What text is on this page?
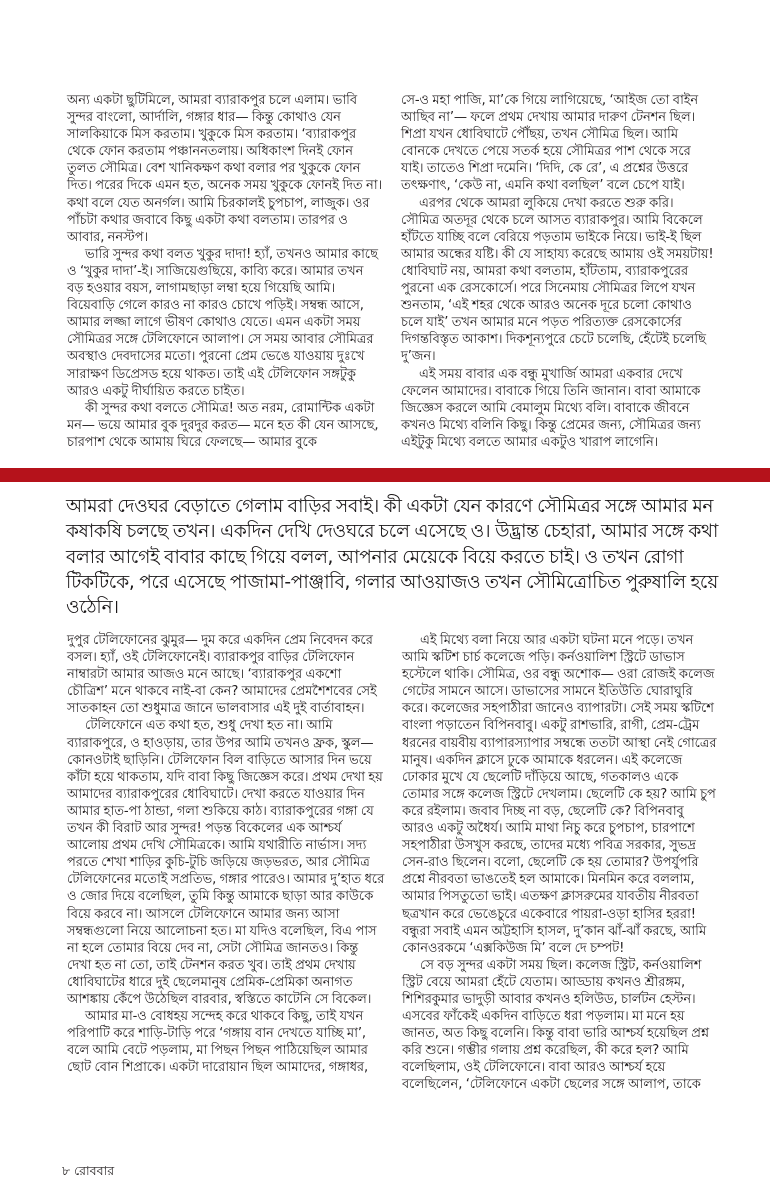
অন্য একটা ছুটিমিলে, আমরা ব্যারাকপুর চলে এলাম। ভাবি সুন্দর বাংলো, আর্দালি, গঙ্গার ধার— কিন্তু কোথাও যেন সালকিয়াকে মিস করতাম। খুকুকে মিস করতাম। ‘ব্যারাকপুর থেকে ফোন করতাম পঞ্চাননতলায়। অধিকাংশ দিনই ফোন তুলত সৌমিত্র। বেশ খানিকক্ষণ কথা বলার পর খুকুকে ফোন দিত। পরের দিকে এমন হত, অনেক সময় খুকুকে ফোনই দিত না। কথা বলে যেত অনর্গল। আমি চিরকালই চুপচাপ, লাজুক। ওর পাঁচটা কথার জবাবে কিছু একটা কথা বলতাম। তারপর ও আবার, ননস্টপ।

ভারি সুন্দর কথা বলত খুকুর দাদা! হ্যাঁ, তখনও আমার কাছে ও ‘খুকুর দাদা’-ই। সাজিয়েগুছিয়ে, কাব্যি করে। আমার তখন বড় হওয়ার বয়স, লাগামছাড়া লম্বা হয়ে গিয়েছি আমি। বিয়েবাড়ি গেলে কারও না কারও চোখে পড়িই। সম্বন্ধ আসে, আমার লজ্জা লাগে ভীষণ কোথাও যেতে। এমন একটা সময় সৌমিত্রর সঙ্গে টেলিফোনে আলাপ। সে সময় আবার সৌমিত্রর অবস্থাও দেবদাসের মতো। পুরনো প্রেম ভেঙে যাওয়ায় দুঃখে সারাক্ষণ ডিপ্রেসড হয়ে থাকত। তাই এই টেলিফোন সঙ্গটুকু আরও একটু দীর্ঘায়িত করতে চাইত।

কী সুন্দর কথা বলতে সৌমিত্র! অত নরম, রোমান্টিক একটা মন— ভয়ে আমার বুক দুরদুর করত— মনে হত কী যেন আসছে, চারপাশ থেকে আমায় ঘিরে ফেলছে— আমার বুকে

সে-ও মহা পাজি, মা’কে গিয়ে লাগিয়েছে, ‘আইজ তো বাইন আছিব না’— ফলে প্রথম দেখায় আমার দারুণ টেনশন ছিল। শিপ্রা যখন ধোবিঘাটে পৌঁছয়, তখন সৌমিত্র ছিল। আমি বোনকে দেখতে পেয়ে সতর্ক হয়ে সৌমিত্রর পাশ থেকে সরে যাই। তাতেও শিপ্রা দমেনি। ‘দিদি, কে রে’, এ প্রশ্নের উত্তরে তৎক্ষণাৎ, ‘কেউ না, এমনি কথা বলছিল’ বলে চেপে যাই।

এরপর থেকে আমরা লুকিয়ে দেখা করতে শুরু করি। সৌমিত্র অতদূর থেকে চলে আসত ব্যারাকপুর। আমি বিকেলে হাঁটতে যাচ্ছি বলে বেরিয়ে পড়তাম ভাইকে নিয়ে। ভাই-ই ছিল আমার অন্ধের যষ্টি। কী যে সাহায্য করেছে আমায় ওই সময়টায়! ধোবিঘাট নয়, আমরা কথা বলতাম, হাঁটতাম, ব্যারাকপুরের পুরনো এক রেসকোর্সে। পরে সিনেমায় সৌমিত্রর লিপে যখন শুনতাম, ‘এই শহর থেকে আরও অনেক দূরে চলো কোথাও চলে যাই’ তখন আমার মনে পড়ত পরিত্যক্ত রেসকোর্সের দিগন্তবিস্তৃত আকাশ। দিকশূন্যপুরে চেটে চলেছি, হেঁটেই চলেছি দু’জন।

এই সময় বাবার এক বন্ধু মুখার্জি আমরা একবার দেখে ফেলেন আমাদের। বাবাকে গিয়ে তিনি জানান। বাবা আমাকে জিজ্ঞেস করলে আমি বেমালুম মিথ্যে বলি। বাবাকে জীবনে কখনও মিথ্যে বলিনি কিছু। কিন্তু প্রেমের জন্য, সৌমিত্রর জন্য এইটুকু মিথ্যে বলতে আমার একটুও খারাপ লাগেনি।

আমরা দেওঘর বেড়াতে গেলাম বাড়ির সবাই। কী একটা যেন কারণে সৌমিত্রর সঙ্গে আমার মন কষাকষি চলছে তখন। একদিন দেখি দেওঘরে চলে এসেছে ও। উদ্ভ্রান্ত চেহারা, আমার সঙ্গে কথা বলার আগেই বাবার কাছে গিয়ে বলল, আপনার মেয়েকে বিয়ে করতে চাই। ও তখন রোগা টিকটিকে, পরে এসেছে পাজামা-পাঞ্জাবি, গলার আওয়াজও তখন সৌমিত্রোচিত পুরুষালি হয়ে ওঠেনি।

দুপুর টেলিফোনের ঝুমুর— দুম করে একদিন প্রেম নিবেদন করে বসল। হ্যাঁ, ওই টেলিফোনেই। ব্যারাকপুর বাড়ির টেলিফোন নাম্বারটা আমার আজও মনে আছে। ‘ব্যারাকপুর একশো চৌত্রিশ’ মনে থাকবে নাই-বা কেন? আমাদের প্রেমশৈশবের সেই সাতকাহন তো শুধুমাত্র জানে ভালবাসার এই দুই বার্তাবাহন।

টেলিফোনে এত কথা হত, শুধু দেখা হত না। আমি ব্যারাকপুরে, ও হাওড়ায়, তার উপর আমি তখনও ফ্রক, স্কুল— কোনওটাই ছাড়িনি। টেলিফোন বিল বাড়িতে আসার দিন ভয়ে কাঁটা হয়ে থাকতাম, যদি বাবা কিছু জিজ্ঞেস করে। প্রথম দেখা হয় আমাদের ব্যারাকপুরের ধোবিঘাটে। দেখা করতে যাওয়ার দিন আমার হাত-পা ঠান্ডা, গলা শুকিয়ে কাঠ। ব্যারাকপুরের গঙ্গা যে তখন কী বিরাট আর সুন্দর! পড়ন্ত বিকেলের এক আশ্চর্য আলোয় প্রথম দেখি সৌমিত্রকে। আমি যথারীতি নার্ভাস। সদ্য পরতে শেখা শাড়ির কুচি-টুচি জড়িয়ে জড়ভরত, আর সৌমিত্র টেলিফোনের মতোই সপ্রতিভ, গঙ্গার পারেও। আমার দু’হাত ধরে ও জোর দিয়ে বলেছিল, তুমি কিন্তু আমাকে ছাড়া আর কাউকে বিয়ে করবে না। আসলে টেলিফোনে আমার জন্য আসা সম্বন্ধগুলো নিয়ে আলোচনা হত। মা যদিও বলেছিল, বিএ পাস না হলে তোমার বিয়ে দেব না, সেটা সৌমিত্র জানতও। কিন্তু দেখা হত না তো, তাই টেনশন করত খুব। তাই প্রথম দেখায় ধোবিঘাটের ধারে দুই ছেলেমানুষ প্রেমিক-প্রেমিকা অনাগত আশঙ্কায় কেঁপে উঠেছিল বারবার, স্বস্তিতে কাটেনি সে বিকেল।

আমার মা-ও বোধহয় সন্দেহ করে থাকবে কিছু, তাই যখন পরিপাটি করে শাড়ি-টাড়ি পরে ‘গঙ্গায় বান দেখতে যাচ্ছি মা’, বলে আমি বেটে পড়লাম, মা পিছন পিছন পাঠিয়েছিল আমার ছোট বোন শিপ্রাকে। একটা দারোয়ান ছিল আমাদের, গঙ্গাধর,

এই মিথ্যে বলা নিয়ে আর একটা ঘটনা মনে পড়ে। তখন আমি স্কটিশ চার্চ কলেজে পড়ি। কর্নওয়ালিশ স্ট্রিটে ডাভাস হস্টেলে থাকি। সৌমিত্র, ওর বন্ধু অশোক— ওরা রোজই কলেজ গেটের সামনে আসে। ডাভাসের সামনে ইতিউতি ঘোরাঘুরি করে। কলেজের সহপাঠীরা জানেও ব্যাপারটা। সেই সময় স্কটিশে বাংলা পড়াতেন বিপিনবাবু। একটু রাশভারি, রাগী, প্রেম-ট্রেম ধরনের বায়বীয় ব্যাপারস্যাপার সম্বন্ধে ততটা আস্থা নেই গোত্রের মানুষ। একদিন ক্লাসে ঢুকে আমাকে ধরলেন। এই কলেজে ঢোকার মুখে যে ছেলেটি দাঁড়িয়ে আছে, গতকালও একে তোমার সঙ্গে কলেজ স্ট্রিটে দেখলাম। ছেলেটি কে হয়? আমি চুপ করে রইলাম। জবাব দিচ্ছ না বড়, ছেলেটি কে? বিপিনবাবু আরও একটু অধৈর্য। আমি মাথা নিচু করে চুপচাপ, চারপাশে সহপাঠীরা উসখুস করছে, তাদের মধ্যে পবিত্র সরকার, সুভদ্র সেন-রাও ছিলেন। বলো, ছেলেটি কে হয় তোমার? উপর্যুপরি প্রশ্নে নীরবতা ভাঙতেই হল আমাকে। মিনমিন করে বললাম, আমার পিসতুতো ভাই। এতক্ষণ ক্লাসরুমের যাবতীয় নীরবতা ছত্রখান করে ভেঙেচুরে একেবারে পায়রা-ওড়া হাসির হররা! বন্ধুরা সবাই এমন অট্টহাসি হাসল, দু’কান ঝাঁ-ঝাঁ করছে, আমি কোনওরকমে ‘এক্সকিউজ মি’ বলে দে চম্পট!

সে বড় সুন্দর একটা সময় ছিল। কলেজ স্ট্রিট, কর্নওয়ালিশ স্ট্রিট বেয়ে আমরা হেঁটে যেতাম। আড্ডায় কখনও শ্রীরঙ্গম, শিশিরকুমার ভাদুড়ী আবার কখনও হলিউড, চার্লটন হেস্টন। এসবের ফাঁকেই একদিন বাড়িতে ধরা পড়লাম। মা মনে হয় জানত, অত কিছু বলেনি। কিন্তু বাবা ভারি আশ্চর্য হয়েছিল প্রশ্ন করি শুনে। গম্ভীর গলায় প্রশ্ন করেছিল, কী করে হল? আমি বলেছিলাম, ওই টেলিফোনে। বাবা আরও আশ্চর্য হয়ে বলেছিলেন, ‘টেলিফোনে একটা ছেলের সঙ্গে আলাপ, তাকে

৮ রোববার
